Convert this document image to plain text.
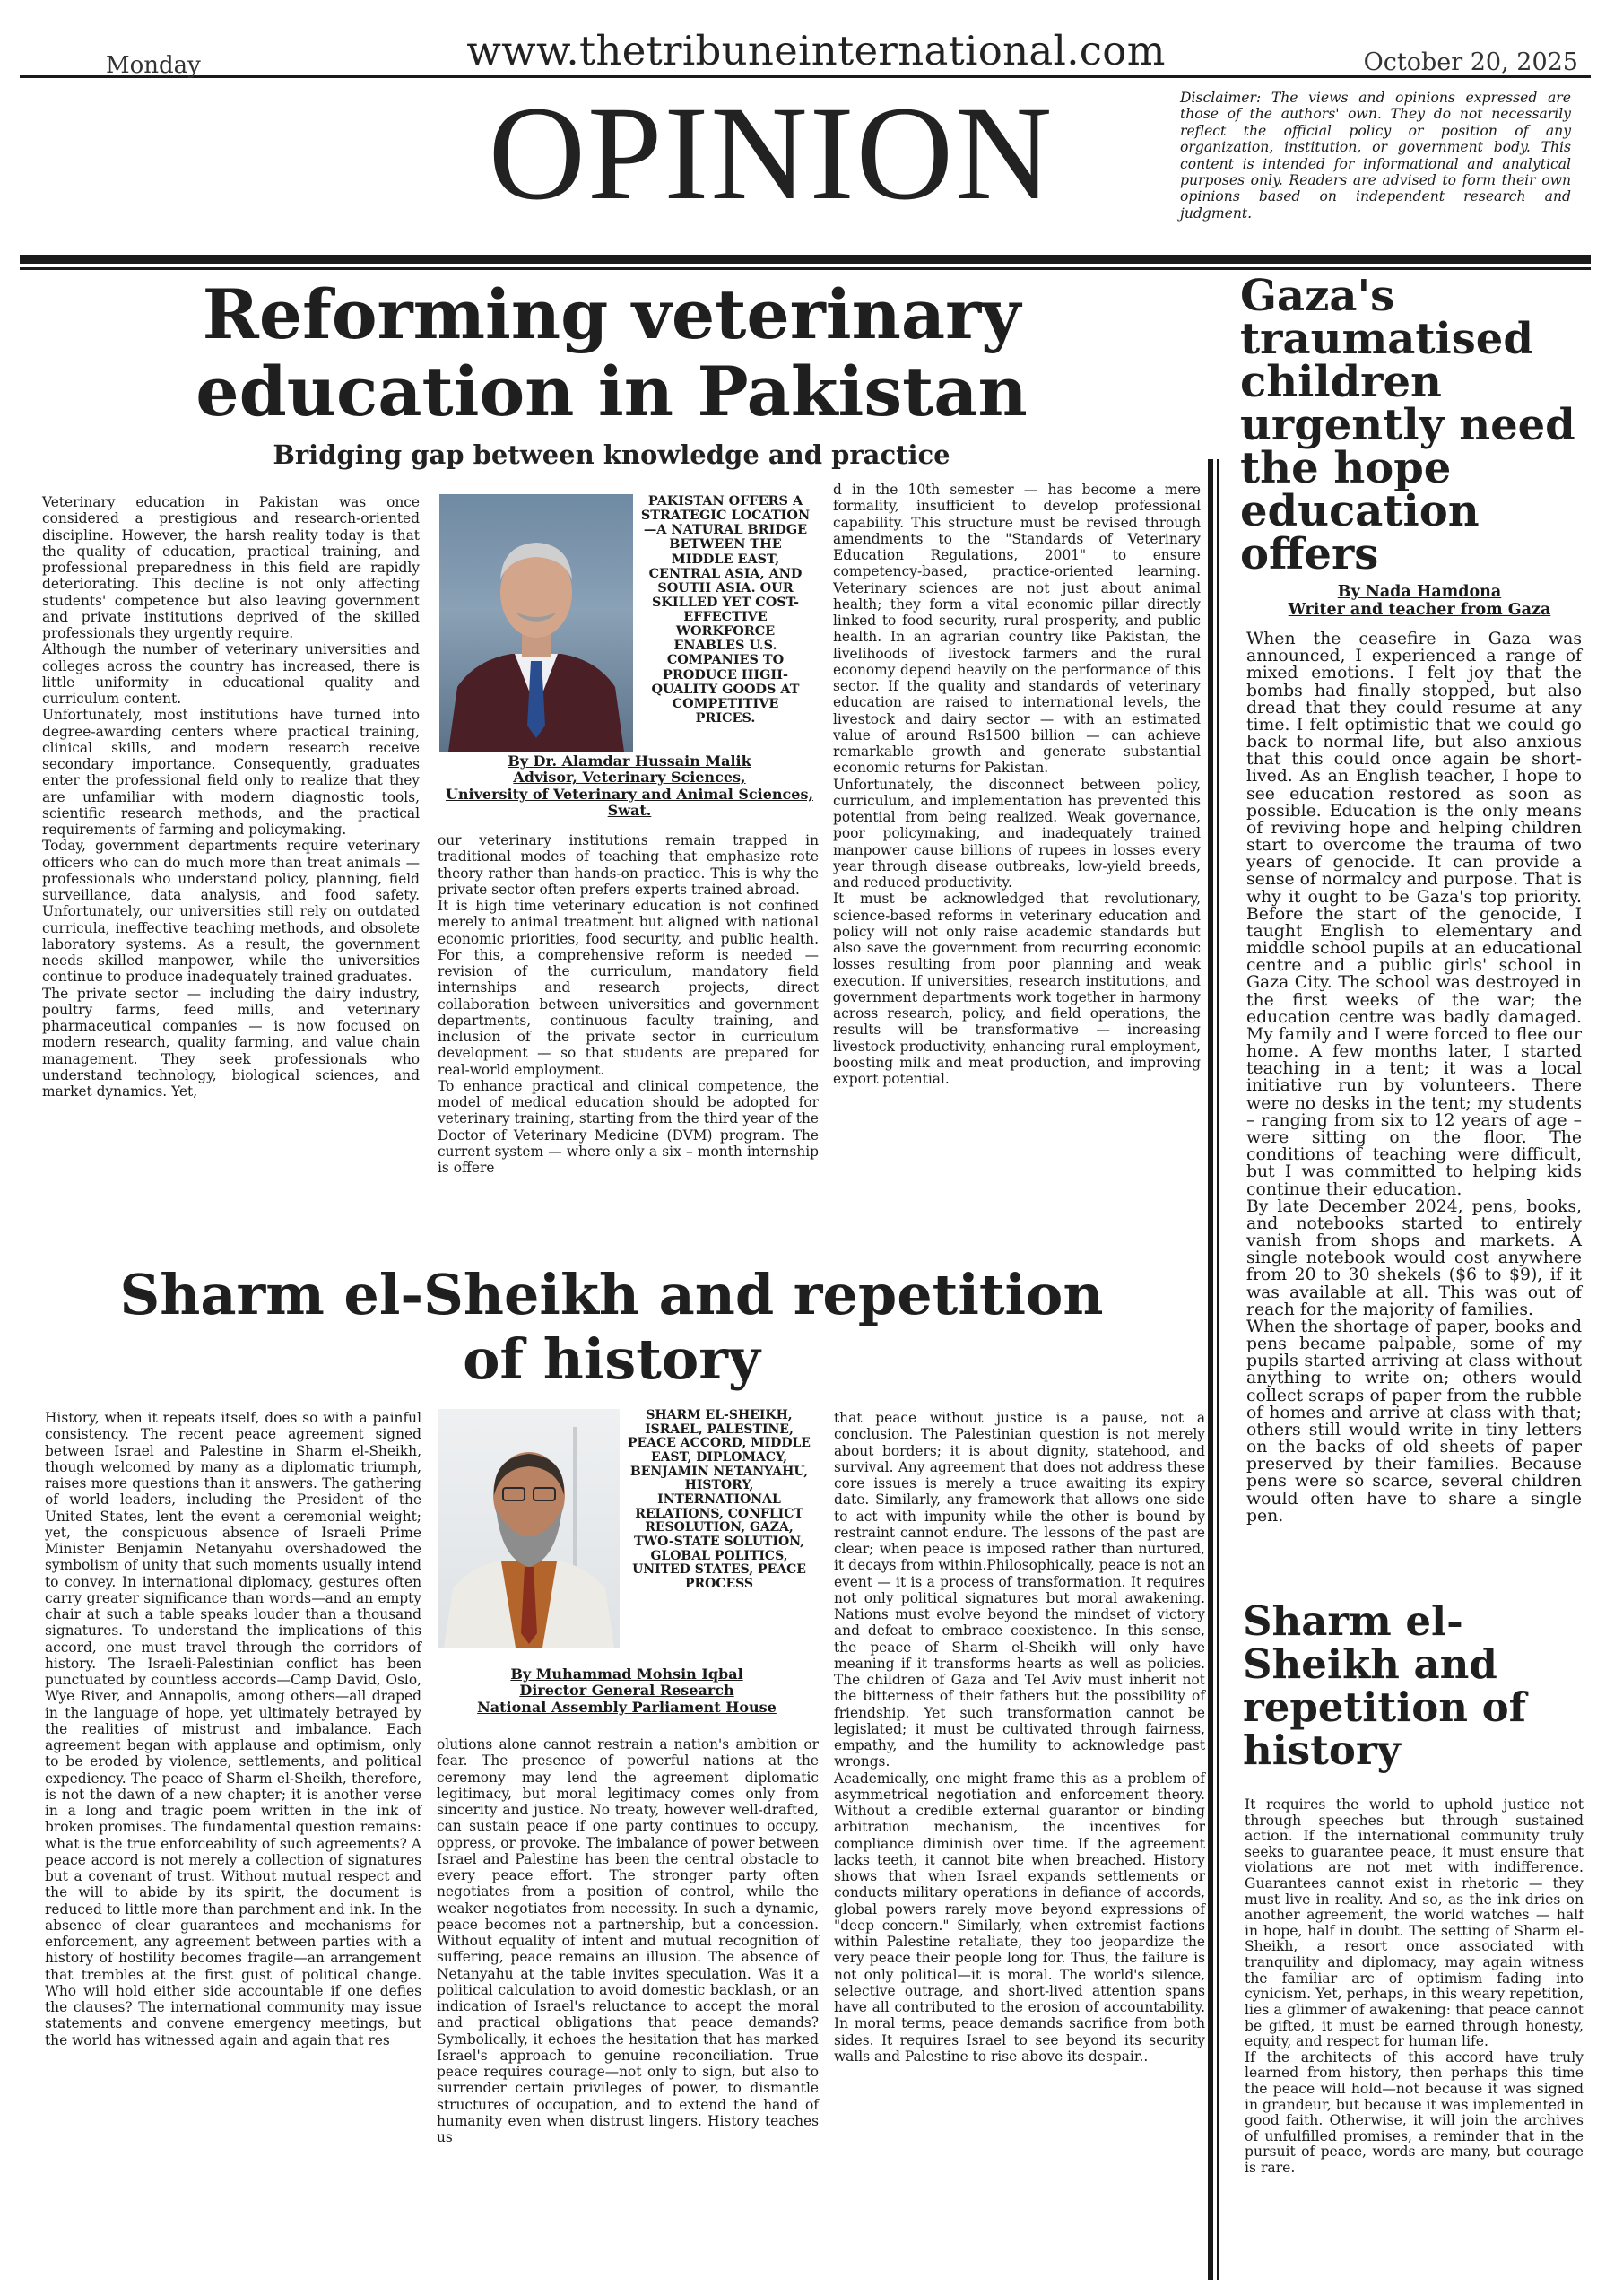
Monday	www.thetribuneinternational.com	October 20, 2025
OPINION	Disclaimer: The views and opinions expressed are those of the authors' own. They do not necessarily reflect the official policy or position of any organization, institution, or government body. This content is intended for informational and analytical purposes only. Readers are advised to form their own opinions based on independent research and judgment.
Reforming veterinary
education in Pakistan
Bridging gap between knowledge and practice

Veterinary education in Pakistan was once considered a prestigious and research-oriented discipline. However, the harsh reality today is that the quality of education, practical training, and professional preparedness in this field are rapidly deteriorating. This decline is not only affecting students' competence but also leaving government and private institutions deprived of the skilled professionals they urgently require.

Although the number of veterinary universities and colleges across the country has increased, there is little uniformity in educational quality and curriculum content.

Unfortunately, most institutions have turned into degree-awarding centers where practical training, clinical skills, and modern research receive secondary importance. Consequently, graduates enter the professional field only to realize that they are unfamiliar with modern diagnostic tools, scientific research methods, and the practical requirements of farming and policymaking.

Today, government departments require veterinary officers who can do much more than treat animals — professionals who understand policy, planning, field surveillance, data analysis, and food safety. Unfortunately, our universities still rely on outdated curricula, ineffective teaching methods, and obsolete laboratory systems. As a result, the government needs skilled manpower, while the universities continue to produce inadequately trained graduates.

The private sector — including the dairy industry, poultry farms, feed mills, and veterinary pharmaceutical companies — is now focused on modern research, quality farming, and value chain management. They seek professionals who understand technology, biological sciences, and market dynamics. Yet,

PAKISTAN OFFERS A STRATEGIC LOCATION—A NATURAL BRIDGE BETWEEN THE MIDDLE EAST, CENTRAL ASIA, AND SOUTH ASIA. OUR SKILLED YET COST-EFFECTIVE WORKFORCE ENABLES U.S. COMPANIES TO PRODUCE HIGH-QUALITY GOODS AT COMPETITIVE PRICES.
By Dr. Alamdar Hussain Malik
Advisor, Veterinary Sciences,
University of Veterinary and Animal Sciences, Swat.

our veterinary institutions remain trapped in traditional modes of teaching that emphasize rote theory rather than hands-on practice. This is why the private sector often prefers experts trained abroad.

It is high time veterinary education is not confined merely to animal treatment but aligned with national economic priorities, food security, and public health. For this, a comprehensive reform is needed — revision of the curriculum, mandatory field internships and research projects, direct collaboration between universities and government departments, continuous faculty training, and inclusion of the private sector in curriculum development — so that students are prepared for real-world employment.

To enhance practical and clinical competence, the model of medical education should be adopted for veterinary training, starting from the third year of the Doctor of Veterinary Medicine (DVM) program. The current system — where only a six – month internship is offere

d in the 10th semester — has become a mere formality, insufficient to develop professional capability. This structure must be revised through amendments to the "Standards of Veterinary Education Regulations, 2001" to ensure competency-based, practice-oriented learning. Veterinary sciences are not just about animal health; they form a vital economic pillar directly linked to food security, rural prosperity, and public health. In an agrarian country like Pakistan, the livelihoods of livestock farmers and the rural economy depend heavily on the performance of this sector. If the quality and standards of veterinary education are raised to international levels, the livestock and dairy sector — with an estimated value of around Rs1500 billion — can achieve remarkable growth and generate substantial economic returns for Pakistan.

Unfortunately, the disconnect between policy, curriculum, and implementation has prevented this potential from being realized. Weak governance, poor policymaking, and inadequately trained manpower cause billions of rupees in losses every year through disease outbreaks, low-yield breeds, and reduced productivity.

It must be acknowledged that revolutionary, science-based reforms in veterinary education and policy will not only raise academic standards but also save the government from recurring economic losses resulting from poor planning and weak execution. If universities, research institutions, and government departments work together in harmony across research, policy, and field operations, the results will be transformative — increasing livestock productivity, enhancing rural employment, boosting milk and meat production, and improving export potential.

Sharm el-Sheikh and repetition
of history

History, when it repeats itself, does so with a painful consistency. The recent peace agreement signed between Israel and Palestine in Sharm el-Sheikh, though welcomed by many as a diplomatic triumph, raises more questions than it answers. The gathering of world leaders, including the President of the United States, lent the event a ceremonial weight; yet, the conspicuous absence of Israeli Prime Minister Benjamin Netanyahu overshadowed the symbolism of unity that such moments usually intend to convey. In international diplomacy, gestures often carry greater significance than words—and an empty chair at such a table speaks louder than a thousand signatures. To understand the implications of this accord, one must travel through the corridors of history. The Israeli-Palestinian conflict has been punctuated by countless accords—Camp David, Oslo, Wye River, and Annapolis, among others—all draped in the language of hope, yet ultimately betrayed by the realities of mistrust and imbalance. Each agreement began with applause and optimism, only to be eroded by violence, settlements, and political expediency. The peace of Sharm el-Sheikh, therefore, is not the dawn of a new chapter; it is another verse in a long and tragic poem written in the ink of broken promises. The fundamental question remains: what is the true enforceability of such agreements? A peace accord is not merely a collection of signatures but a covenant of trust. Without mutual respect and the will to abide by its spirit, the document is reduced to little more than parchment and ink. In the absence of clear guarantees and mechanisms for enforcement, any agreement between parties with a history of hostility becomes fragile—an arrangement that trembles at the first gust of political change. Who will hold either side accountable if one defies the clauses? The international community may issue statements and convene emergency meetings, but the world has witnessed again and again that res

SHARM EL-SHEIKH, ISRAEL, PALESTINE, PEACE ACCORD, MIDDLE EAST, DIPLOMACY, BENJAMIN NETANYAHU, HISTORY, INTERNATIONAL RELATIONS, CONFLICT RESOLUTION, GAZA, TWO-STATE SOLUTION, GLOBAL POLITICS, UNITED STATES, PEACE PROCESS
By Muhammad Mohsin Iqbal
Director General Research
National Assembly Parliament House

olutions alone cannot restrain a nation's ambition or fear. The presence of powerful nations at the ceremony may lend the agreement diplomatic legitimacy, but moral legitimacy comes only from sincerity and justice. No treaty, however well-drafted, can sustain peace if one party continues to occupy, oppress, or provoke. The imbalance of power between Israel and Palestine has been the central obstacle to every peace effort. The stronger party often negotiates from a position of control, while the weaker negotiates from necessity. In such a dynamic, peace becomes not a partnership, but a concession. Without equality of intent and mutual recognition of suffering, peace remains an illusion. The absence of Netanyahu at the table invites speculation. Was it a political calculation to avoid domestic backlash, or an indication of Israel's reluctance to accept the moral and practical obligations that peace demands? Symbolically, it echoes the hesitation that has marked Israel's approach to genuine reconciliation. True peace requires courage—not only to sign, but also to surrender certain privileges of power, to dismantle structures of occupation, and to extend the hand of humanity even when distrust lingers. History teaches us

that peace without justice is a pause, not a conclusion. The Palestinian question is not merely about borders; it is about dignity, statehood, and survival. Any agreement that does not address these core issues is merely a truce awaiting its expiry date. Similarly, any framework that allows one side to act with impunity while the other is bound by restraint cannot endure. The lessons of the past are clear; when peace is imposed rather than nurtured, it decays from within.Philosophically, peace is not an event — it is a process of transformation. It requires not only political signatures but moral awakening. Nations must evolve beyond the mindset of victory and defeat to embrace coexistence. In this sense, the peace of Sharm el-Sheikh will only have meaning if it transforms hearts as well as policies. The children of Gaza and Tel Aviv must inherit not the bitterness of their fathers but the possibility of friendship. Yet such transformation cannot be legislated; it must be cultivated through fairness, empathy, and the humility to acknowledge past wrongs.

Academically, one might frame this as a problem of asymmetrical negotiation and enforcement theory. Without a credible external guarantor or binding arbitration mechanism, the incentives for compliance diminish over time. If the agreement lacks teeth, it cannot bite when breached. History shows that when Israel expands settlements or conducts military operations in defiance of accords, global powers rarely move beyond expressions of "deep concern." Similarly, when extremist factions within Palestine retaliate, they too jeopardize the very peace their people long for. Thus, the failure is not only political—it is moral. The world's silence, selective outrage, and short-lived attention spans have all contributed to the erosion of accountability. In moral terms, peace demands sacrifice from both sides. It requires Israel to see beyond its security walls and Palestine to rise above its despair..

Gaza's traumatised children urgently need the hope education offers
By Nada Hamdona
Writer and teacher from Gaza

When the ceasefire in Gaza was announced, I experienced a range of mixed emotions. I felt joy that the bombs had finally stopped, but also dread that they could resume at any time. I felt optimistic that we could go back to normal life, but also anxious that this could once again be short-lived. As an English teacher, I hope to see education restored as soon as possible. Education is the only means of reviving hope and helping children start to overcome the trauma of two years of genocide. It can provide a sense of normalcy and purpose. That is why it ought to be Gaza's top priority. Before the start of the genocide, I taught English to elementary and middle school pupils at an educational centre and a public girls' school in Gaza City. The school was destroyed in the first weeks of the war; the education centre was badly damaged. My family and I were forced to flee our home. A few months later, I started teaching in a tent; it was a local initiative run by volunteers. There were no desks in the tent; my students – ranging from six to 12 years of age – were sitting on the floor. The conditions of teaching were difficult, but I was committed to helping kids continue their education.

By late December 2024, pens, books, and notebooks started to entirely vanish from shops and markets. A single notebook would cost anywhere from 20 to 30 shekels ($6 to $9), if it was available at all. This was out of reach for the majority of families.

When the shortage of paper, books and pens became palpable, some of my pupils started arriving at class without anything to write on; others would collect scraps of paper from the rubble of homes and arrive at class with that; others still would write in tiny letters on the backs of old sheets of paper preserved by their families. Because pens were so scarce, several children would often have to share a single pen.

Sharm el-Sheikh and repetition of history

It requires the world to uphold justice not through speeches but through sustained action. If the international community truly seeks to guarantee peace, it must ensure that violations are not met with indifference. Guarantees cannot exist in rhetoric — they must live in reality. And so, as the ink dries on another agreement, the world watches — half in hope, half in doubt. The setting of Sharm el-Sheikh, a resort once associated with tranquility and diplomacy, may again witness the familiar arc of optimism fading into cynicism. Yet, perhaps, in this weary repetition, lies a glimmer of awakening: that peace cannot be gifted, it must be earned through honesty, equity, and respect for human life.

If the architects of this accord have truly learned from history, then perhaps this time the peace will hold—not because it was signed in grandeur, but because it was implemented in good faith. Otherwise, it will join the archives of unfulfilled promises, a reminder that in the pursuit of peace, words are many, but courage is rare.
